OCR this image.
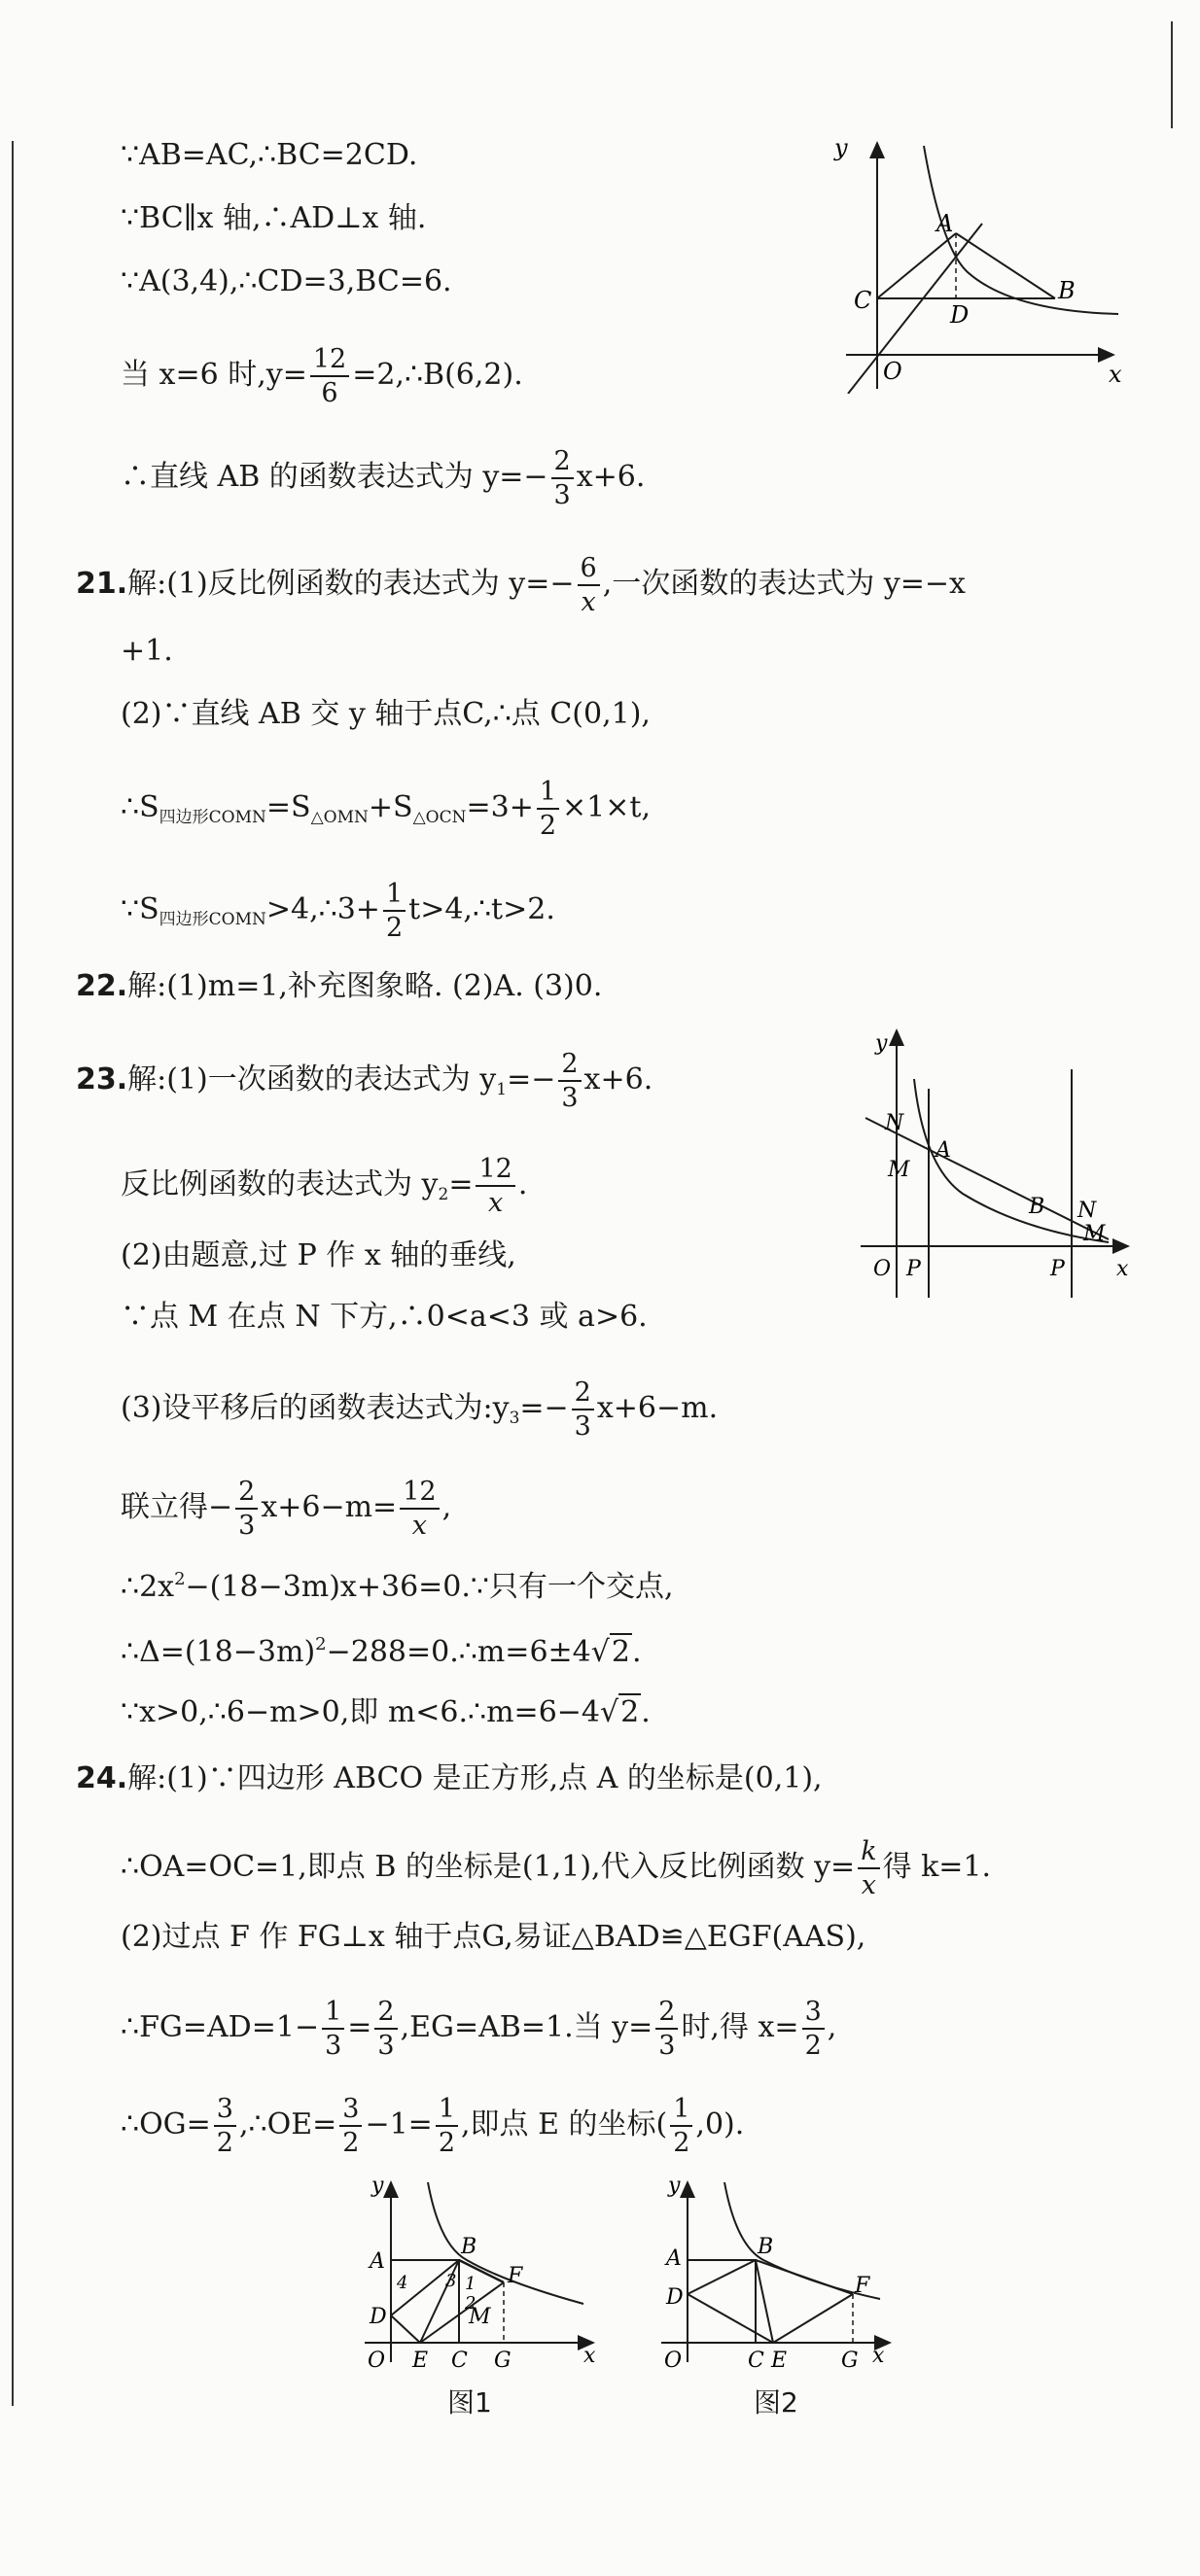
∵AB=AC,∴BC=2CD.
∵BC∥x 轴,∴AD⊥x 轴.
∵A(3,4),∴CD=3,BC=6.
当 x=6 时$,y= \frac{12}{6}$ =2,∴B(6,2).
∴直线 AB 的函数表达式为 $y=- \frac{2}{3} x+6$.
y
x
O
A
B
C
D
21.解:(1)反比例函数的表达式为 $y=- \frac{6}{x}$ ,一次函数的表达式为 y=−x
+1.
(2)∵直线 AB 交 y 轴于点C,∴点 C(0,1),
$\therefore S_{四边形COMN}=S_{\triangle OMN}+S_{\triangle OCN}=3+ \frac{1}{2} \times 1\times t$,
$\because S_{四边形COMN}>4,\therefore 3+ \frac{1}{2}$ t>4,∴t>2.
22.解:(1)m=1,补充图象略. (2)A. (3)0.
23.解:(1)一次函数的表达式为 $y_1=- \frac{2}{3} x+6$.
反比例函数的表达式为 $y_2= \frac{12}{x}$ .
(2)由题意,过 P 作 x 轴的垂线,
∵点 M 在点 N 下方,∴0<a<3 或 a>6.
(3)设平移后的函数表达式为$:y_3=- \frac{2}{3} x+6-m$.
联立得− $\frac{2}{3} x+6-m= \frac{12}{x}$ ,
$\therefore 2x^2-(18-3m)x+36=0.\because$只有一个交点,
$\therefore\Delta=(18-3m)^2-288=0.\therefore m=6\pm 4√2$.
∵x>0,∴6−m>0,即 m<6.∴m=6−4√2.
y
x
O P	P
N
M
A
B N
M
24.解:(1)∵四边形 ABCO 是正方形,点 A 的坐标是(0,1),
∴OA=OC=1,即点 B 的坐标是(1,1),代入反比例函数 $y= \frac{k}{x}$ 得 k=1.
(2)过点 F 作 FG⊥x 轴于点G,易证△BAD≌△EGF(AAS),
∴FG=AD=1− $\frac{1}{3} = \frac{2}{3} ,EG=AB=1$.当 $y= \frac{2}{3}$ 时,得 $x= \frac{3}{2}$ ,
∴OG= $\frac{3}{2}$ ,∴OE= $\frac{3}{2} -1= \frac{1}{2}$ ,即点 E 的坐标( $\frac{1}{2} ,0$).
y
x
O
A
B
C
D
E
F
G
M
1
2
3
4
图1
y
x
O
A	B
C
D
E
F
G
图2
